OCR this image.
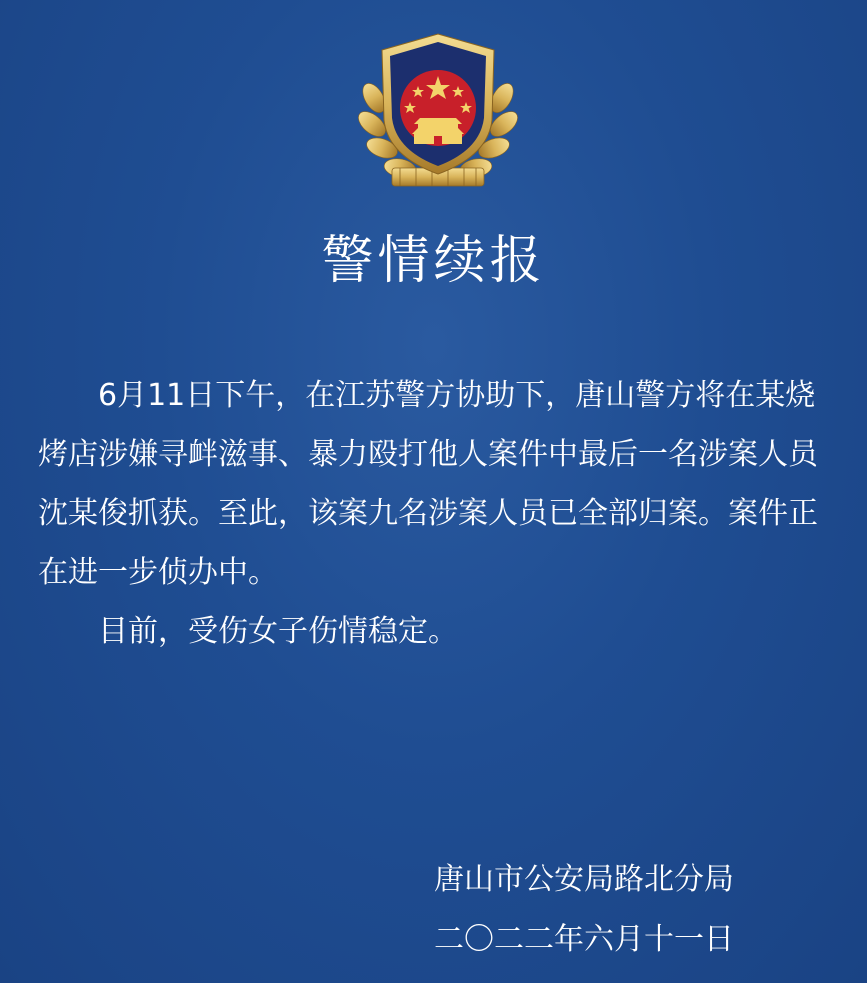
警情续报

6月11日下午，在江苏警方协助下，唐山警方将在某烧烤店涉嫌寻衅滋事、暴力殴打他人案件中最后一名涉案人员沈某俊抓获。至此，该案九名涉案人员已全部归案。案件正在进一步侦办中。

目前，受伤女子伤情稳定。

唐山市公安局路北分局
二〇二二年六月十一日
